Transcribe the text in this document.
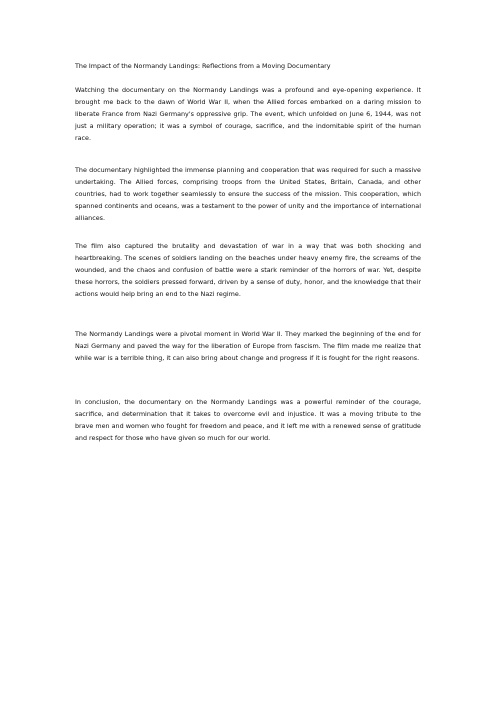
The Impact of the Normandy Landings: Reflections from a Moving Documentary

Watching the documentary on the Normandy Landings was a profound and eye-opening experience. It brought me back to the dawn of World War II, when the Allied forces embarked on a daring mission to liberate France from Nazi Germany's oppressive grip. The event, which unfolded on June 6, 1944, was not just a military operation; it was a symbol of courage, sacrifice, and the indomitable spirit of the human race.

The documentary highlighted the immense planning and cooperation that was required for such a massive undertaking. The Allied forces, comprising troops from the United States, Britain, Canada, and other countries, had to work together seamlessly to ensure the success of the mission. This cooperation, which spanned continents and oceans, was a testament to the power of unity and the importance of international alliances.

The film also captured the brutality and devastation of war in a way that was both shocking and heartbreaking. The scenes of soldiers landing on the beaches under heavy enemy fire, the screams of the wounded, and the chaos and confusion of battle were a stark reminder of the horrors of war. Yet, despite these horrors, the soldiers pressed forward, driven by a sense of duty, honor, and the knowledge that their actions would help bring an end to the Nazi regime.

The Normandy Landings were a pivotal moment in World War II. They marked the beginning of the end for Nazi Germany and paved the way for the liberation of Europe from fascism. The film made me realize that while war is a terrible thing, it can also bring about change and progress if it is fought for the right reasons.

In conclusion, the documentary on the Normandy Landings was a powerful reminder of the courage, sacrifice, and determination that it takes to overcome evil and injustice. It was a moving tribute to the brave men and women who fought for freedom and peace, and it left me with a renewed sense of gratitude and respect for those who have given so much for our world.
